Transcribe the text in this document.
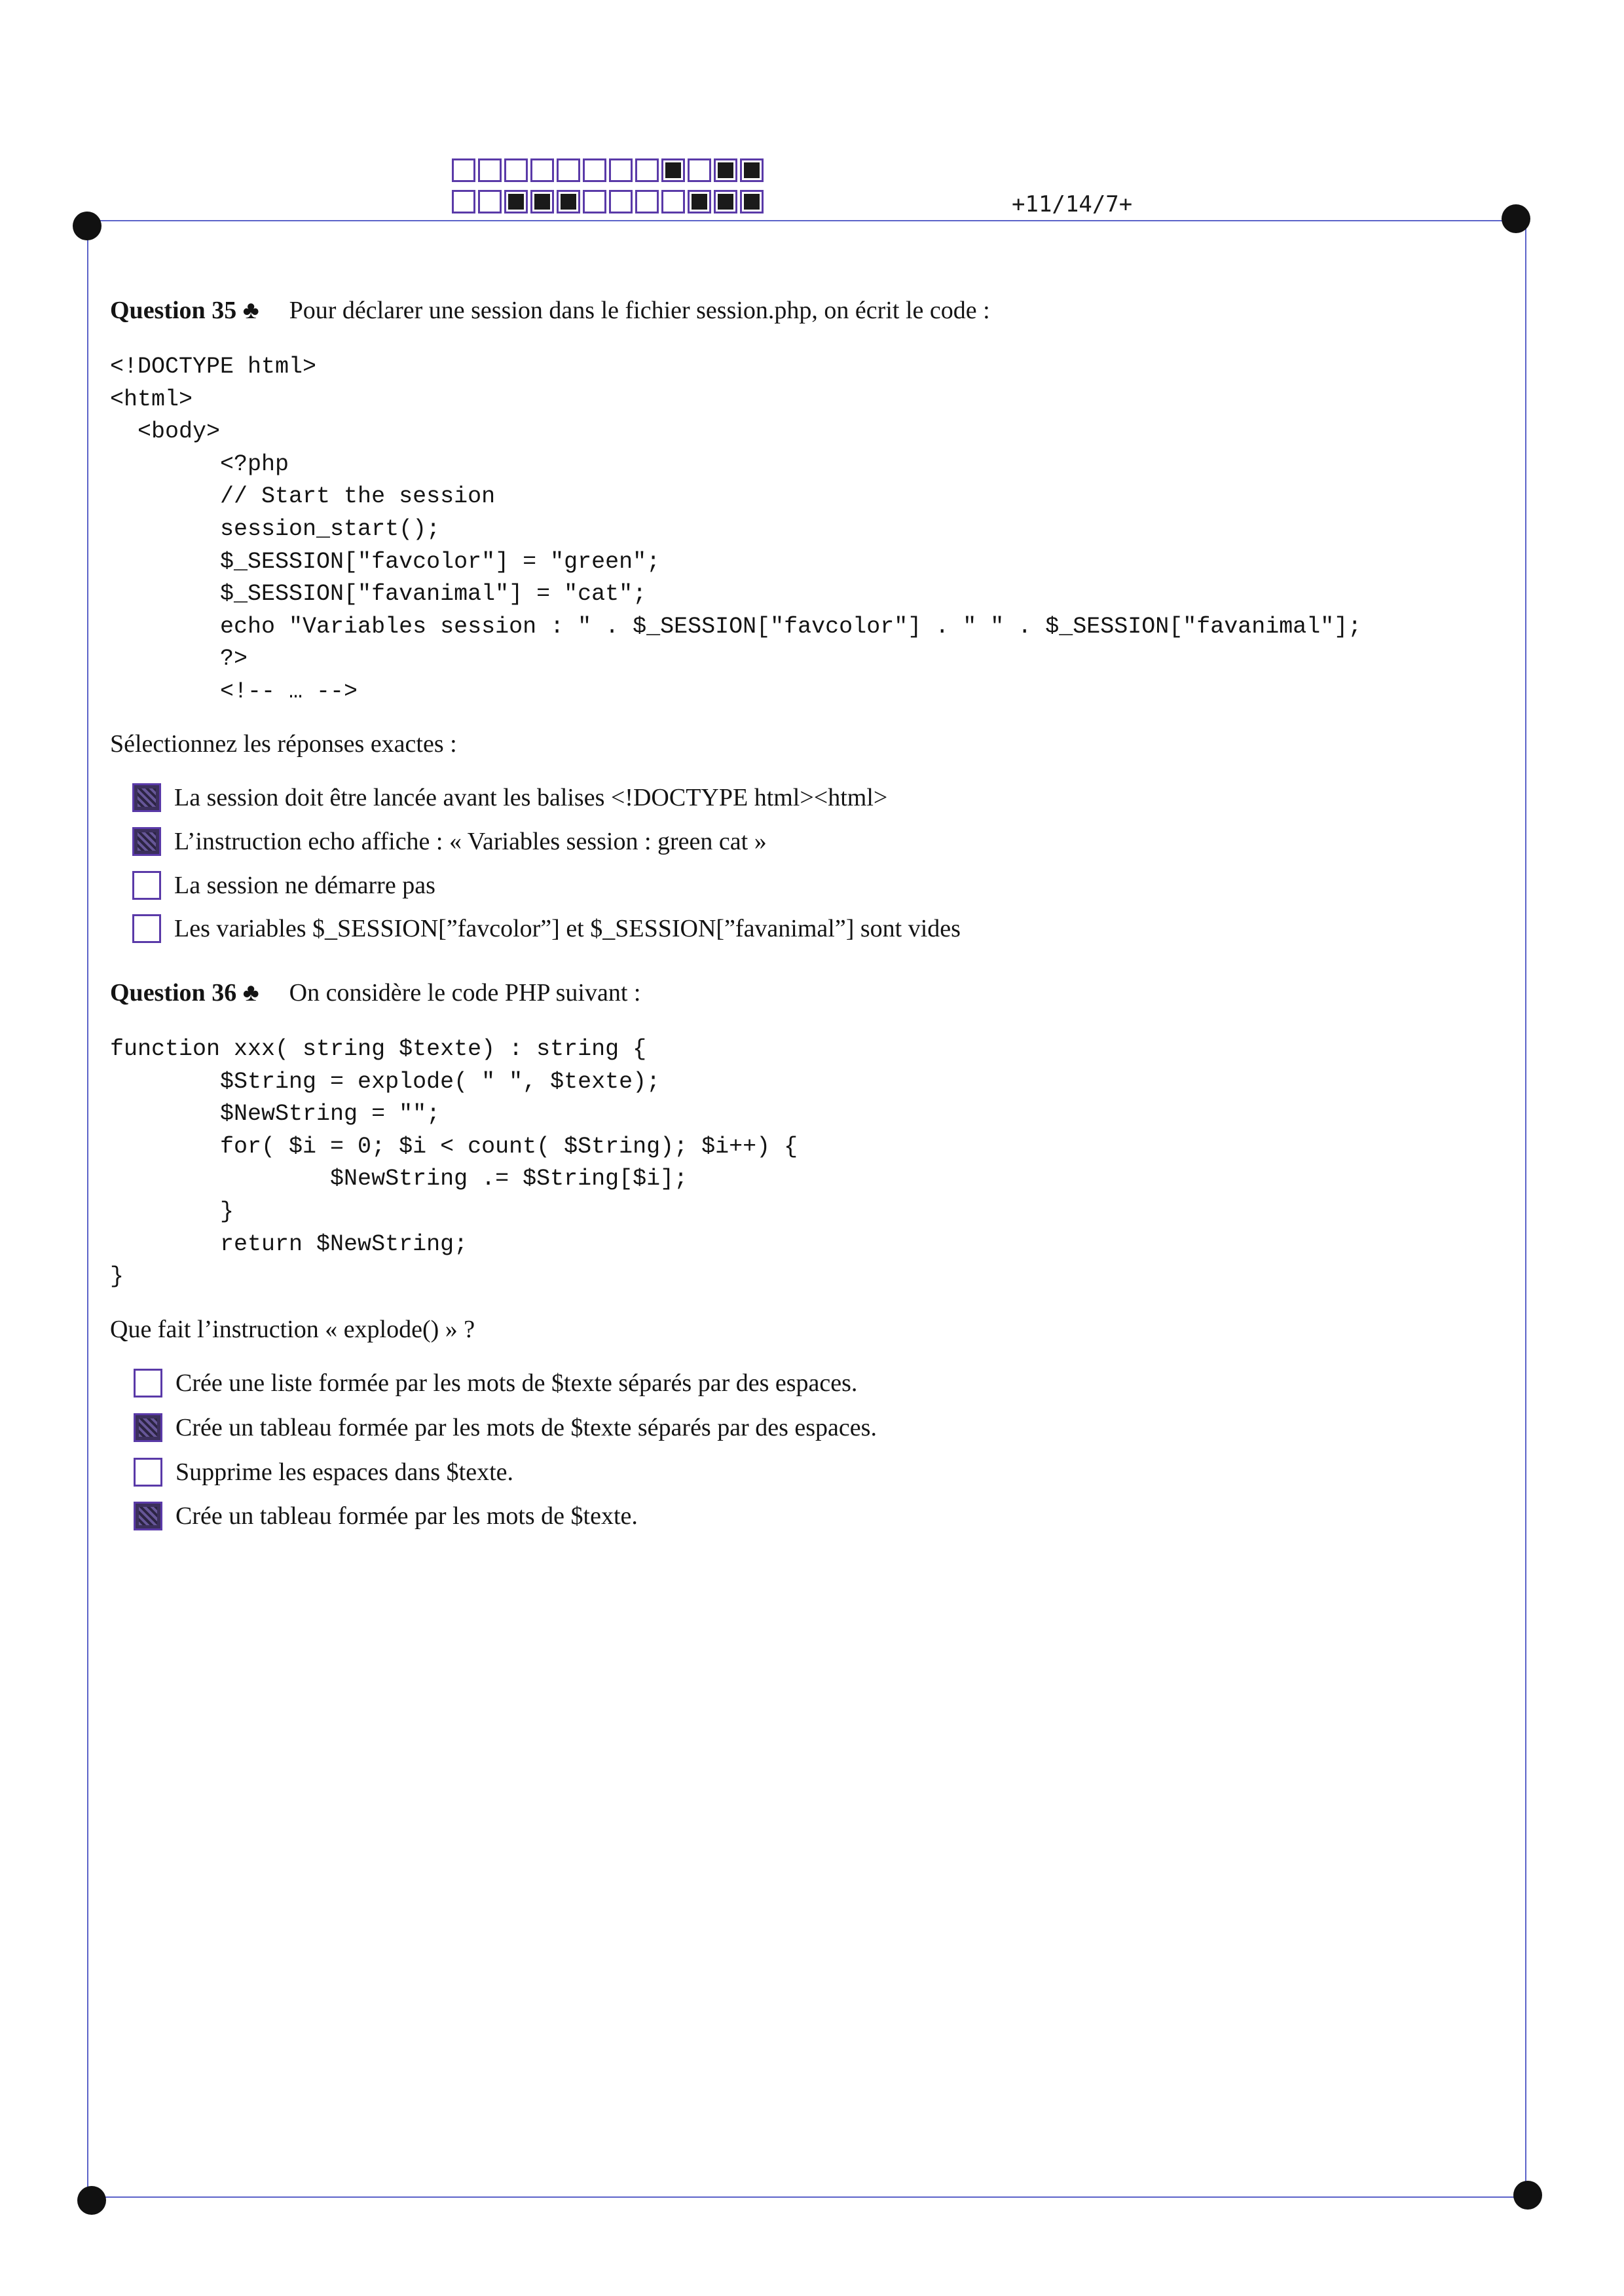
+11/14/7+
Question 35 ♣ Pour déclarer une session dans le fichier session.php, on écrit le code :
<!DOCTYPE html>
<html>
<body>
<?php
// Start the session
session_start();
$_SESSION["favcolor"] = "green";
$_SESSION["favanimal"] = "cat";
echo "Variables session : " . $_SESSION["favcolor"] . " " . $_SESSION["favanimal"];
?>
<!-- … -->
Sélectionnez les réponses exactes :
La session doit être lancée avant les balises <!DOCTYPE html><html>
L’instruction echo affiche : « Variables session : green cat »
La session ne démarre pas
Les variables $_SESSION[”favcolor”] et $_SESSION[”favanimal”] sont vides
Question 36 ♣ On considère le code PHP suivant :
function xxx( string $texte) : string {
$String = explode( " ", $texte);
$NewString = "";
for( $i = 0; $i < count( $String); $i++) {
$NewString .= $String[$i];
}
return $NewString;
}
Que fait l’instruction « explode() » ?
Crée une liste formée par les mots de $texte séparés par des espaces.
Crée un tableau formée par les mots de $texte séparés par des espaces.
Supprime les espaces dans $texte.
Crée un tableau formée par les mots de $texte.
